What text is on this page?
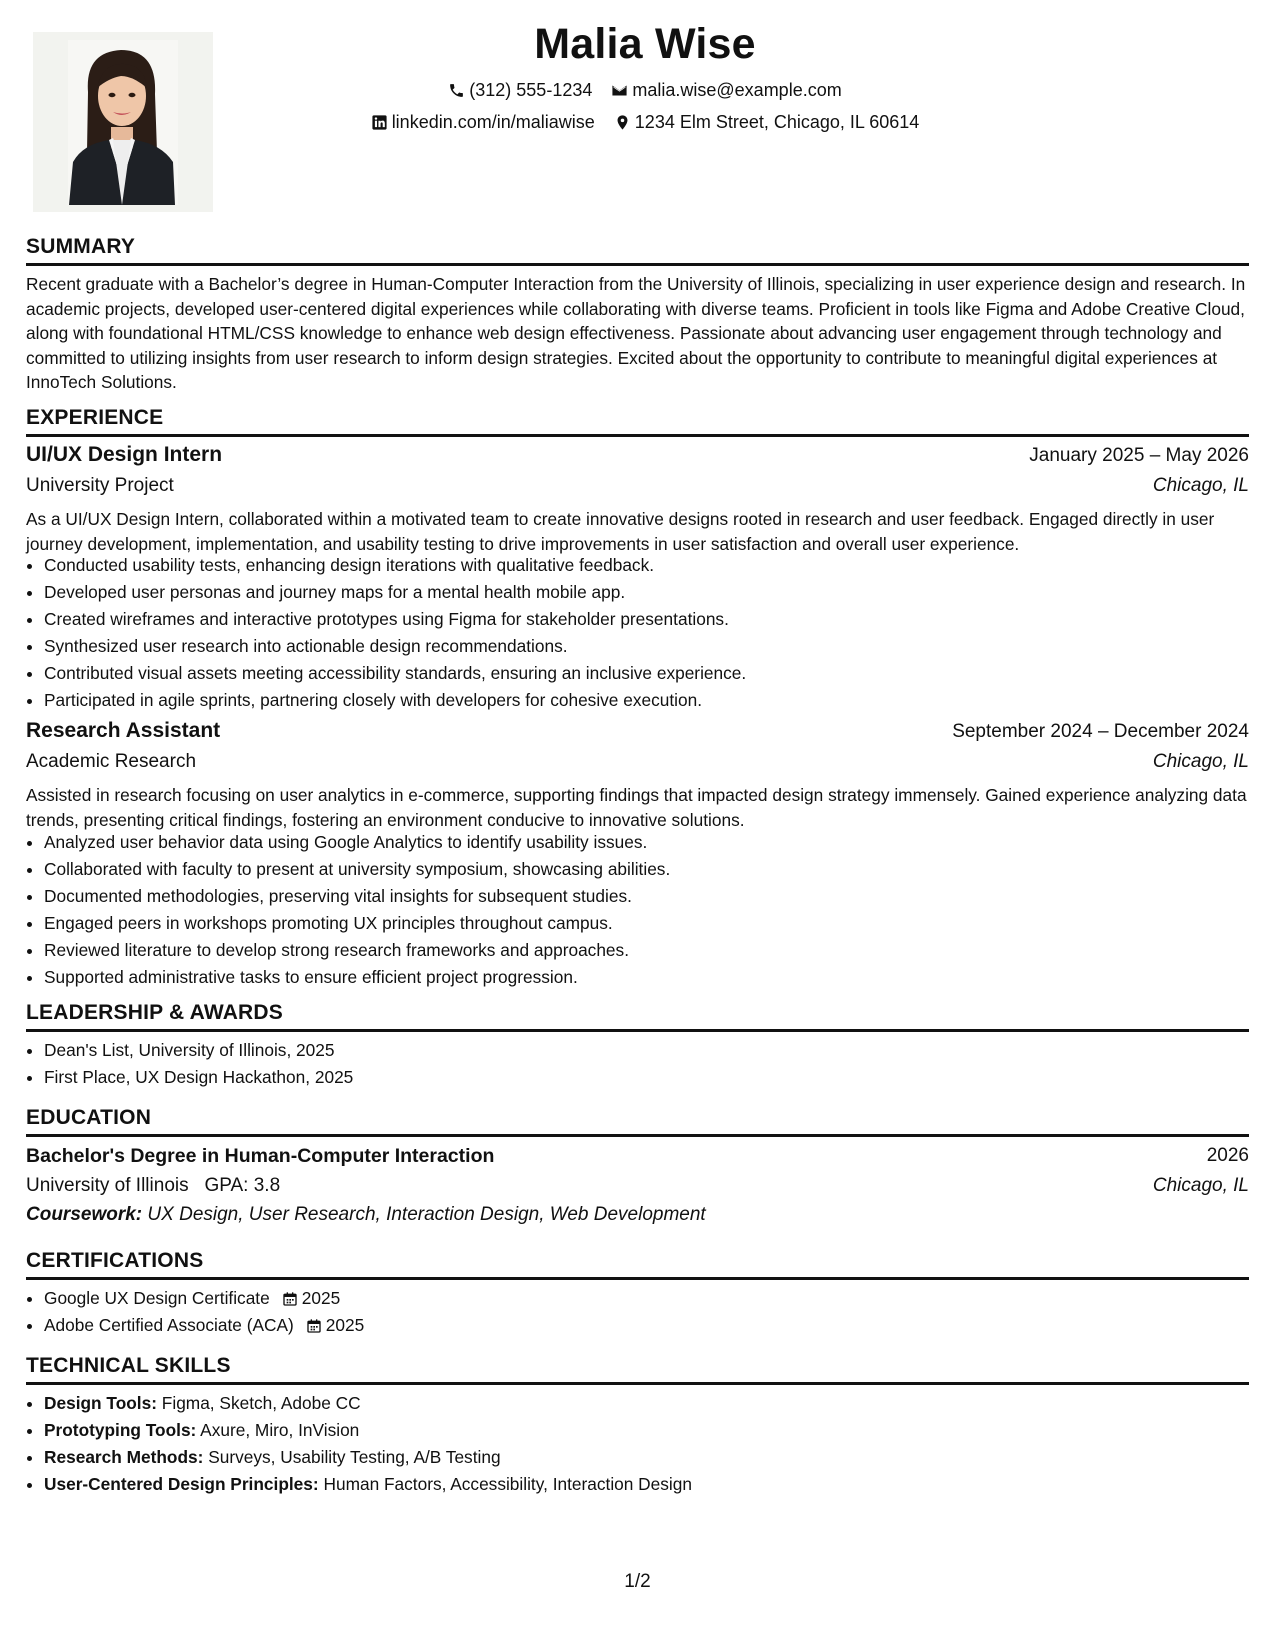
Malia Wise
(312) 555-1234
malia.wise@example.com
linkedin.com/in/maliawise
1234 Elm Street, Chicago, IL 60614
SUMMARY
Recent graduate with a Bachelor’s degree in Human-Computer Interaction from the University of Illinois, specializing in user experience design and research. In academic projects, developed user-centered digital experiences while collaborating with diverse teams. Proficient in tools like Figma and Adobe Creative Cloud, along with foundational HTML/CSS knowledge to enhance web design effectiveness. Passionate about advancing user engagement through technology and committed to utilizing insights from user research to inform design strategies. Excited about the opportunity to contribute to meaningful digital experiences at InnoTech Solutions.
EXPERIENCE
UI/UX Design Intern	January 2025 – May 2026
University Project	Chicago, IL
As a UI/UX Design Intern, collaborated within a motivated team to create innovative designs rooted in research and user feedback. Engaged directly in user journey development, implementation, and usability testing to drive improvements in user satisfaction and overall user experience.
• Conducted usability tests, enhancing design iterations with qualitative feedback.
• Developed user personas and journey maps for a mental health mobile app.
• Created wireframes and interactive prototypes using Figma for stakeholder presentations.
• Synthesized user research into actionable design recommendations.
• Contributed visual assets meeting accessibility standards, ensuring an inclusive experience.
• Participated in agile sprints, partnering closely with developers for cohesive execution.
Research Assistant	September 2024 – December 2024
Academic Research	Chicago, IL
Assisted in research focusing on user analytics in e-commerce, supporting findings that impacted design strategy immensely. Gained experience analyzing data trends, presenting critical findings, fostering an environment conducive to innovative solutions.
• Analyzed user behavior data using Google Analytics to identify usability issues.
• Collaborated with faculty to present at university symposium, showcasing abilities.
• Documented methodologies, preserving vital insights for subsequent studies.
• Engaged peers in workshops promoting UX principles throughout campus.
• Reviewed literature to develop strong research frameworks and approaches.
• Supported administrative tasks to ensure efficient project progression.
LEADERSHIP & AWARDS
• Dean's List, University of Illinois, 2025
• First Place, UX Design Hackathon, 2025
EDUCATION
Bachelor's Degree in Human-Computer Interaction	2026
University of Illinois GPA: 3.8	Chicago, IL
Coursework: UX Design, User Research, Interaction Design, Web Development
CERTIFICATIONS
• Google UX Design Certificate 2025
• Adobe Certified Associate (ACA) 2025
TECHNICAL SKILLS
• Design Tools: Figma, Sketch, Adobe CC
• Prototyping Tools: Axure, Miro, InVision
• Research Methods: Surveys, Usability Testing, A/B Testing
• User-Centered Design Principles: Human Factors, Accessibility, Interaction Design
1/2
